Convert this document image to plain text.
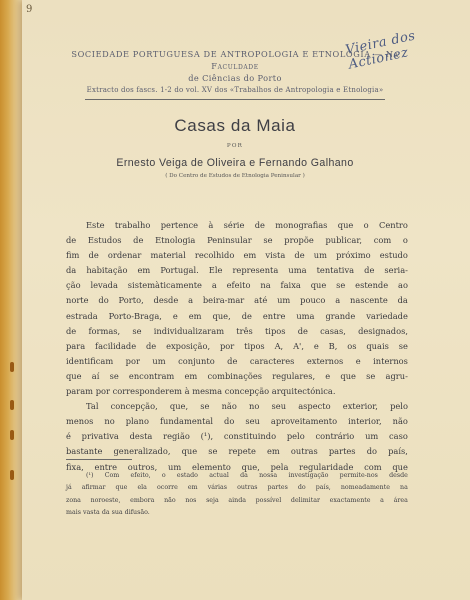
9
Vieira dos Actionez
SOCIEDADE PORTUGUESA DE ANTROPOLOGIA E ETNOLOGIA — Na Faculdade
de Ciências do Porto
Extracto dos fascs. 1-2 do vol. XV dos «Trabalhos de Antropologia e Etnologia»
Casas da Maia
POR
Ernesto Veiga de Oliveira e Fernando Galhano
( Do Centro de Estudos de Etnologia Peninsular )
Este trabalho pertence à série de monografias que o Centro
de Estudos de Etnologia Peninsular se propõe publicar, com o
fim de ordenar material recolhido em vista de um próximo estudo
da habitação em Portugal. Ele representa uma tentativa de seria-
ção levada sistemàticamente a efeito na faixa que se estende ao
norte do Porto, desde a beira-mar até um pouco a nascente da
estrada Porto-Braga, e em que, de entre uma grande variedade
de formas, se individualizaram três tipos de casas, designados,
para facilidade de exposição, por tipos A, A', e B, os quais se
identificam por um conjunto de caracteres externos e internos
que aí se encontram em combinações regulares, e que se agru-
param por corresponderem à mesma concepção arquitectónica.
Tal concepção, que, se não no seu aspecto exterior, pelo
menos no plano fundamental do seu aproveitamento interior, não
é privativa desta região (¹), constituindo pelo contrário um caso
bastante generalizado, que se repete em outras partes do país,
fixa, entre outros, um elemento que, pela regularidade com que
(¹) Com efeito, o estado actual da nossa investigação permite-nos desde
já afirmar que ela ocorre em várias outras partes do país, nomeadamente na
zona noroeste, embora não nos seja ainda possível delimitar exactamente a área
mais vasta da sua difusão.
